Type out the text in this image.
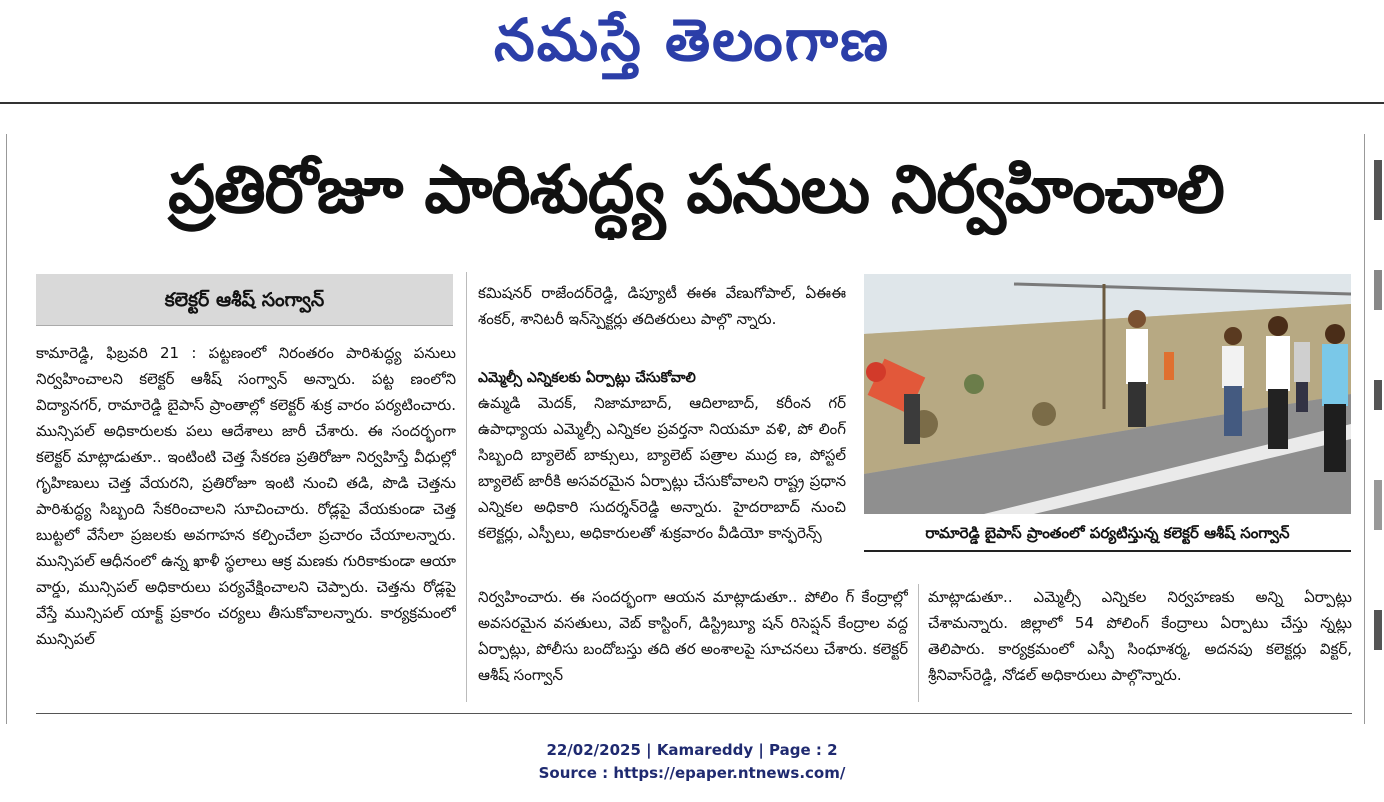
నమస్తే తెలంగాణ
ప్రతిరోజూ పారిశుద్ధ్య పనులు నిర్వహించాలి
కలెక్టర్ ఆశీష్ సంగ్వాన్

కామారెడ్డి, ఫిబ్రవరి 21 : పట్టణంలో నిరంతరం పారిశుద్ధ్య పనులు నిర్వహించాలని కలెక్టర్ ఆశీష్ సంగ్వాన్ అన్నారు. పట్ట ణంలోని విద్యానగర్, రామారెడ్డి బైపాస్ ప్రాంతాల్లో కలెక్టర్ శుక్ర వారం పర్యటించారు. మున్సిపల్ అధికారులకు పలు ఆదేశాలు జారీ చేశారు. ఈ సందర్భంగా కలెక్టర్ మాట్లాడుతూ.. ఇంటింటి చెత్త సేకరణ ప్రతిరోజూ నిర్వహిస్తే వీధుల్లో గృహిణులు చెత్త వేయరని, ప్రతిరోజూ ఇంటి నుంచి తడి, పొడి చెత్తను పారిశుద్ధ్య సిబ్బంది సేకరించాలని సూచించారు. రోడ్లపై వేయకుండా చెత్త బుట్టలో వేసేలా ప్రజలకు అవగాహన కల్పించేలా ప్రచారం చేయాలన్నారు. మున్సిపల్ ఆధీనంలో ఉన్న ఖాళీ స్థలాలు ఆక్ర మణకు గురికాకుండా ఆయా వార్డు, మున్సిపల్ అధికారులు పర్యవేక్షించాలని చెప్పారు. చెత్తను రోడ్లపై వేస్తే మున్సిపల్ యాక్ట్ ప్రకారం చర్యలు తీసుకోవాలన్నారు. కార్యక్రమంలో మున్సిపల్

కమిషనర్ రాజేందర్‌రెడ్డి, డిప్యూటీ ఈఈ వేణుగోపాల్, ఏఈఈ శంకర్, శానిటరీ ఇన్‌స్పెక్టర్లు తదితరులు పాల్గొ న్నారు.

ఎమ్మెల్సీ ఎన్నికలకు ఏర్పాట్లు చేసుకోవాలి

ఉమ్మడి మెదక్, నిజామాబాద్, ఆదిలాబాద్, కరీంన గర్ ఉపాధ్యాయ ఎమ్మెల్సీ ఎన్నికల ప్రవర్తనా నియమా వళి, పో లింగ్ సిబ్బంది బ్యాలెట్ బాక్సులు, బ్యాలెట్ పత్రాల ముద్ర ణ, పోస్టల్ బ్యాలెట్ జారీకి అసవరమైన ఏర్పాట్లు చేసుకోవాలని రాష్ట్ర ప్రధాన ఎన్నికల అధికారి సుదర్శన్‌రెడ్డి అన్నారు. హైదరాబాద్ నుంచి కలెక్టర్లు, ఎస్పీలు, అధికారులతో శుక్రవారం వీడియో కాన్ఫరెన్స్	రామారెడ్డి బైపాస్ ప్రాంతంలో పర్యటిస్తున్న కలెక్టర్ ఆశీష్ సంగ్వాన్

నిర్వహించారు. ఈ సందర్భంగా ఆయన మాట్లాడుతూ.. పోలిం గ్ కేంద్రాల్లో అవసరమైన వసతులు, వెబ్ కాస్టింగ్, డిస్ట్రిబ్యూ షన్ రిసెప్షన్ కేంద్రాల వద్ద ఏర్పాట్లు, పోలీసు బందోబస్తు తది తర అంశాలపై సూచనలు చేశారు. కలెక్టర్ ఆశీష్ సంగ్వాన్

మాట్లాడుతూ.. ఎమ్మెల్సీ ఎన్నికల నిర్వహణకు అన్ని ఏర్పాట్లు చేశామన్నారు. జిల్లాలో 54 పోలింగ్ కేంద్రాలు ఏర్పాటు చేస్తు న్నట్లు తెలిపారు. కార్యక్రమంలో ఎస్పీ సింధూశర్మ, అదనపు కలెక్టర్లు విక్టర్, శ్రీనివాస్‌రెడ్డి, నోడల్ అధికారులు పాల్గొన్నారు.

22/02/2025 | Kamareddy | Page : 2
Source : https://epaper.ntnews.com/
